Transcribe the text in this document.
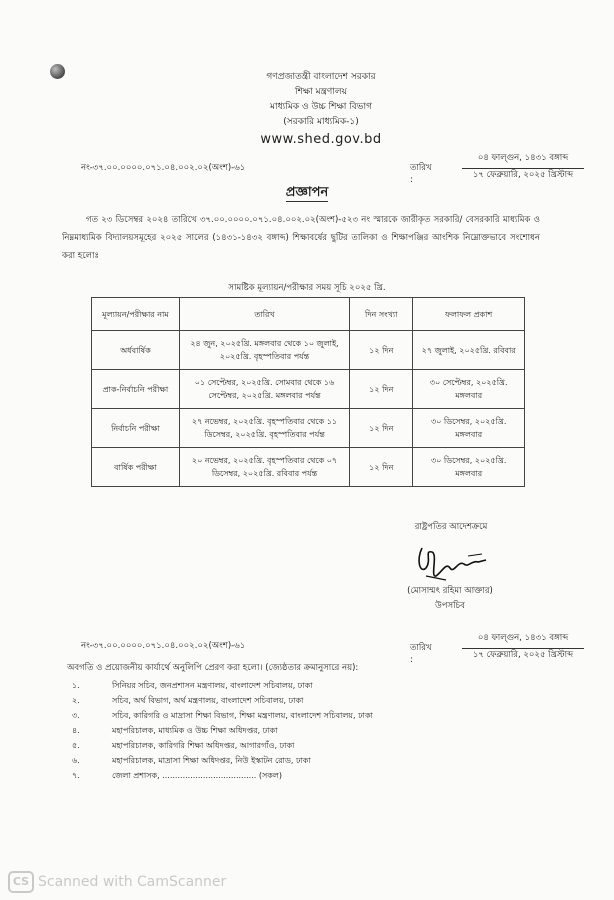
গণপ্রজাতন্ত্রী বাংলাদেশ সরকার
শিক্ষা মন্ত্রণালয়
মাধ্যমিক ও উচ্চ শিক্ষা বিভাগ
(সরকারি মাধ্যমিক-১)
www.shed.gov.bd
নং-৩৭.০০.০০০০.০৭১.০৪.০০২.০২(অংশ)-৬১	তারিখ :
০৪ ফাল্গুন, ১৪৩১ বঙ্গাব্দ
১৭ ফেব্রুয়ারি, ২০২৫ খ্রিস্টাব্দ
প্রজ্ঞাপন
গত ২৩ ডিসেম্বর ২০২৪ তারিখে ৩৭.০০.০০০০.০৭১.০৪.০০২.০২(অংশ)-৫২৩ নং স্মারকে জারীকৃত সরকারি/ বেসরকারি মাধ্যমিক ও নিম্নমাধ্যমিক বিদ্যালয়সমূহের ২০২৫ সালের (১৪৩১-১৪৩২ বঙ্গাব্দ) শিক্ষাবর্ষের ছুটির তালিকা ও শিক্ষাপঞ্জির আংশিক নিম্নোক্তভাবে সংশোধন করা হলোঃ
সামষ্টিক মূল্যায়ন/পরীক্ষার সময় সূচি ২০২৫ খ্রি.
মূল্যায়ন/পরীক্ষার নাম	তারিখ	দিন সংখ্যা	ফলাফল প্রকাশ
অর্ধবার্ষিক	২৪ জুন, ২০২৫খ্রি. মঙ্গলবার থেকে ১০ জুলাই, ২০২৫খ্রি. বৃহস্পতিবার পর্যন্ত	১২ দিন	২৭ জুলাই, ২০২৫খ্রি. রবিবার
প্রাক-নির্বাচনি পরীক্ষা	০১ সেপ্টেম্বর, ২০২৫খ্রি. সোমবার থেকে ১৬ সেপ্টেম্বর, ২০২৫খ্রি. মঙ্গলবার পর্যন্ত	১২ দিন	৩০ সেপ্টেম্বর, ২০২৫খ্রি. মঙ্গলবার
নির্বাচনি পরীক্ষা	২৭ নভেম্বর, ২০২৫খ্রি. বৃহস্পতিবার থেকে ১১ ডিসেম্বর, ২০২৫খ্রি. বৃহস্পতিবার পর্যন্ত	১২ দিন	৩০ ডিসেম্বর, ২০২৫খ্রি. মঙ্গলবার
বার্ষিক পরীক্ষা	২০ নভেম্বর, ২০২৫খ্রি. বৃহস্পতিবার থেকে ০৭ ডিসেম্বর, ২০২৫খ্রি. রবিবার পর্যন্ত	১২ দিন	৩০ ডিসেম্বর, ২০২৫খ্রি. মঙ্গলবার
রাষ্ট্রপতির আদেশক্রমে
(মোসাম্মৎ রহিমা আক্তার)
উপসচিব
নং-৩৭.০০.০০০০.০৭১.০৪.০০২.০২(অংশ)-৬১	তারিখ :
০৪ ফাল্গুন, ১৪৩১ বঙ্গাব্দ
১৭ ফেব্রুয়ারি, ২০২৫ খ্রিস্টাব্দ
অবগতি ও প্রয়োজনীয় কার্যার্থে অনুলিপি প্রেরণ করা হলো। (জ্যেষ্ঠতার ক্রমানুসারে নয়):
১.	সিনিয়র সচিব, জনপ্রশাসন মন্ত্রণালয়, বাংলাদেশ সচিবালয়, ঢাকা
২.	সচিব, অর্থ বিভাগ, অর্থ মন্ত্রণালয়, বাংলাদেশ সচিবালয়, ঢাকা
৩.	সচিব, কারিগরি ও মাদ্রাসা শিক্ষা বিভাগ, শিক্ষা মন্ত্রণালয়, বাংলাদেশ সচিবালয়, ঢাকা
৪.	মহাপরিচালক, মাধ্যমিক ও উচ্চ শিক্ষা অধিদপ্তর, ঢাকা
৫.	মহাপরিচালক, কারিগরি শিক্ষা অধিদপ্তর, আগারগাঁও, ঢাকা
৬.	মহাপরিচালক, মাদ্রাসা শিক্ষা অধিদপ্তর, নিউ ইস্কাটন রোড, ঢাকা
৭.	জেলা প্রশাসক, ..................................... (সকল)
CS Scanned with CamScanner
